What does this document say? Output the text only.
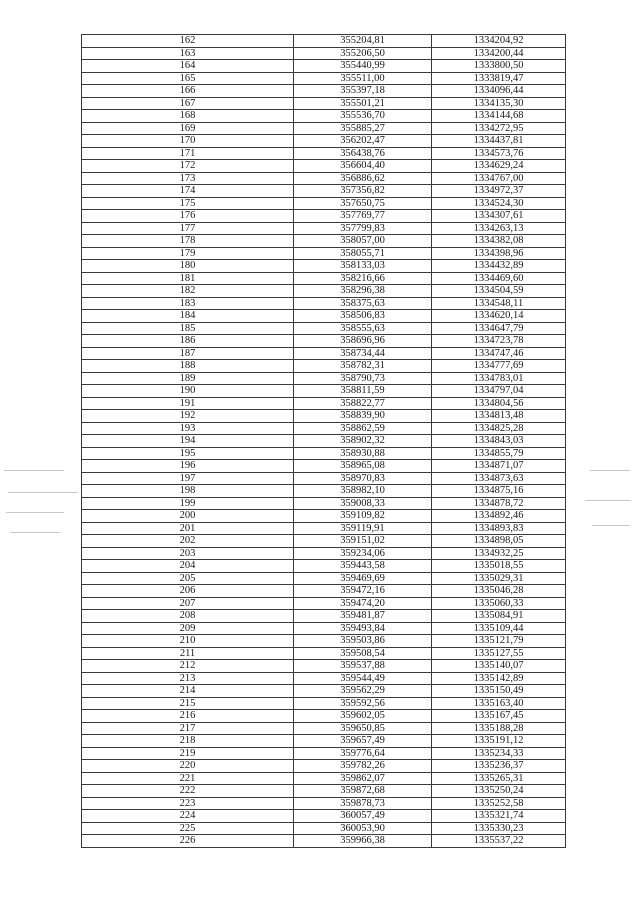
162	355204,81	1334204,92
163	355206,50	1334200,44
164	355440,99	1333800,50
165	355511,00	1333819,47
166	355397,18	1334096,44
167	355501,21	1334135,30
168	355536,70	1334144,68
169	355885,27	1334272,95
170	356202,47	1334437,81
171	356438,76	1334573,76
172	356604,40	1334629,24
173	356886,62	1334767,00
174	357356,82	1334972,37
175	357650,75	1334524,30
176	357769,77	1334307,61
177	357799,83	1334263,13
178	358057,00	1334382,08
179	358055,71	1334398,96
180	358133,03	1334432,89
181	358216,66	1334469,60
182	358296,38	1334504,59
183	358375,63	1334548,11
184	358506,83	1334620,14
185	358555,63	1334647,79
186	358696,96	1334723,78
187	358734,44	1334747,46
188	358782,31	1334777,69
189	358790,73	1334783,01
190	358811,59	1334797,04
191	358822,77	1334804,56
192	358839,90	1334813,48
193	358862,59	1334825,28
194	358902,32	1334843,03
195	358930,88	1334855,79
196	358965,08	1334871,07
197	358970,83	1334873,63
198	358982,10	1334875,16
199	359008,33	1334878,72
200	359109,82	1334892,46
201	359119,91	1334893,83
202	359151,02	1334898,05
203	359234,06	1334932,25
204	359443,58	1335018,55
205	359469,69	1335029,31
206	359472,16	1335046,28
207	359474,20	1335060,33
208	359481,87	1335084,91
209	359493,84	1335109,44
210	359503,86	1335121,79
211	359508,54	1335127,55
212	359537,88	1335140,07
213	359544,49	1335142,89
214	359562,29	1335150,49
215	359592,56	1335163,40
216	359602,05	1335167,45
217	359650,85	1335188,28
218	359657,49	1335191,12
219	359776,64	1335234,33
220	359782,26	1335236,37
221	359862,07	1335265,31
222	359872,68	1335250,24
223	359878,73	1335252,58
224	360057,49	1335321,74
225	360053,90	1335330,23
226	359966,38	1335537,22
